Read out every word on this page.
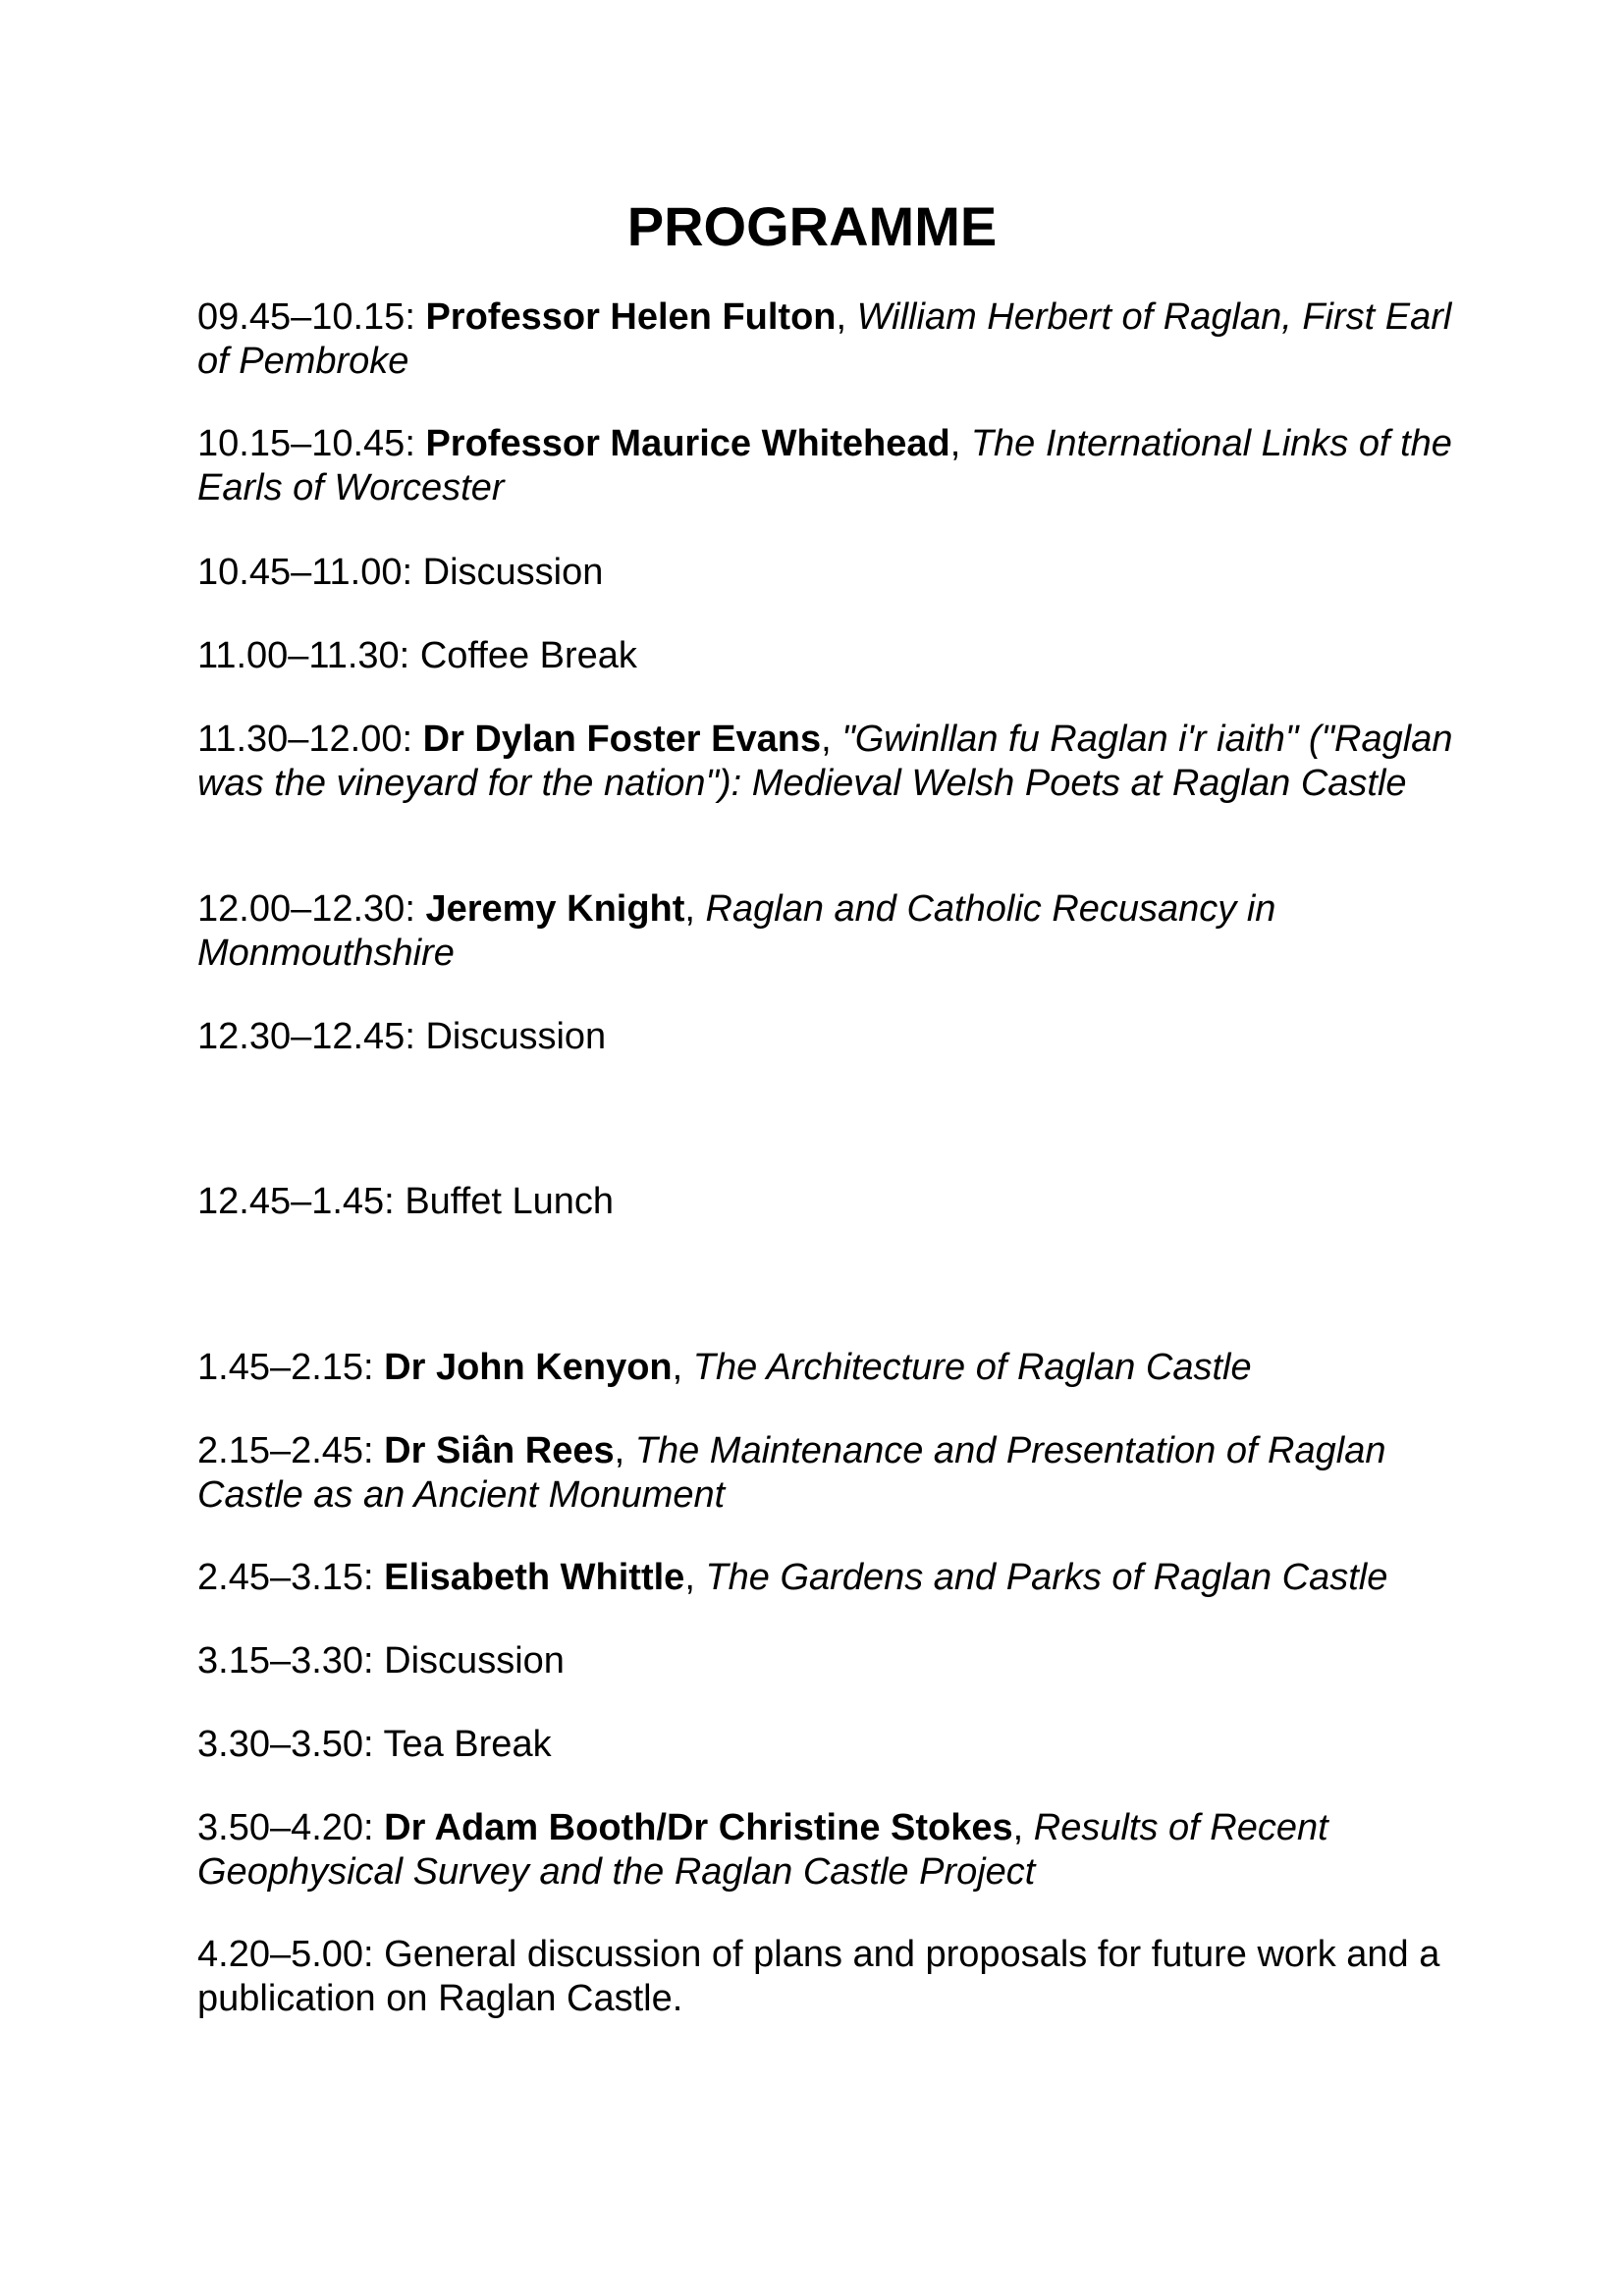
PROGRAMME

09.45–10.15: Professor Helen Fulton, William Herbert of Raglan, First Earl of Pembroke

10.15–10.45: Professor Maurice Whitehead, The International Links of the Earls of Worcester

10.45–11.00: Discussion

11.00–11.30: Coffee Break

11.30–12.00: Dr Dylan Foster Evans, "Gwinllan fu Raglan i'r iaith" ("Raglan was the vineyard for the nation"): Medieval Welsh Poets at Raglan Castle

12.00–12.30: Jeremy Knight, Raglan and Catholic Recusancy in Monmouthshire

12.30–12.45: Discussion

12.45–1.45: Buffet Lunch

1.45–2.15: Dr John Kenyon, The Architecture of Raglan Castle

2.15–2.45: Dr Siân Rees, The Maintenance and Presentation of Raglan Castle as an Ancient Monument

2.45–3.15: Elisabeth Whittle, The Gardens and Parks of Raglan Castle

3.15–3.30: Discussion

3.30–3.50: Tea Break

3.50–4.20: Dr Adam Booth/Dr Christine Stokes, Results of Recent Geophysical Survey and the Raglan Castle Project

4.20–5.00: General discussion of plans and proposals for future work and a publication on Raglan Castle.
